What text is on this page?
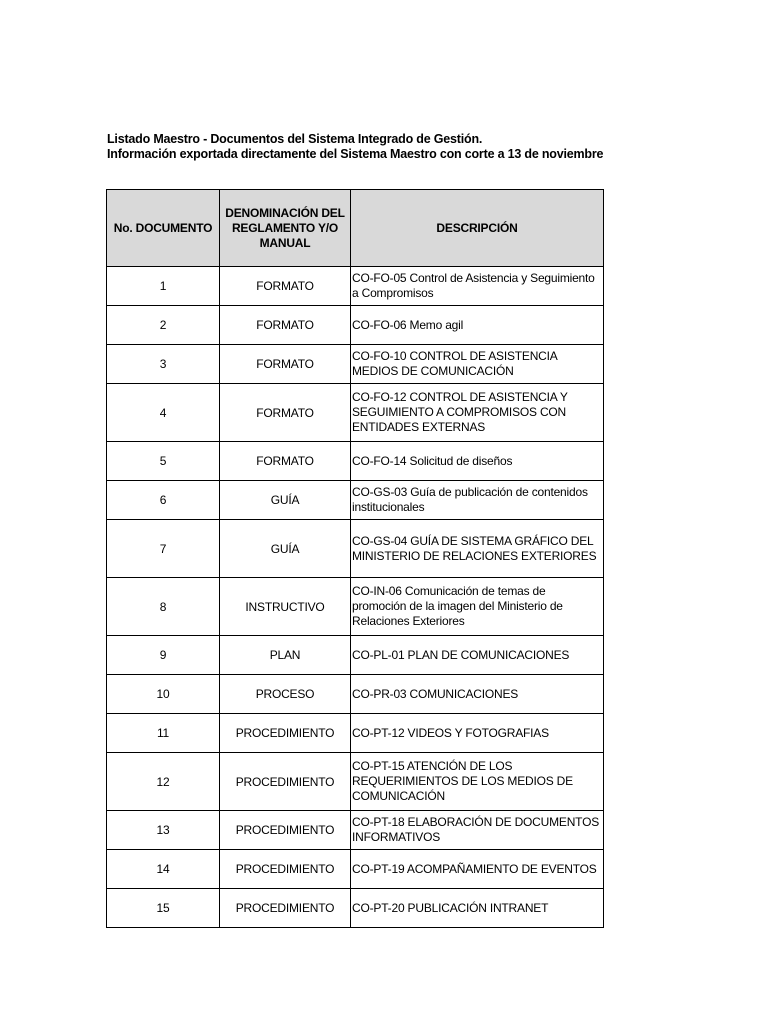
Listado Maestro - Documentos del Sistema Integrado de Gestión.
Información exportada directamente del Sistema Maestro con corte a 13 de noviembre
No. DOCUMENTO	DENOMINACIÓN DEL REGLAMENTO Y/O MANUAL	DESCRIPCIÓN
1	FORMATO	CO-FO-05 Control de Asistencia y Seguimiento a Compromisos
2	FORMATO	CO-FO-06 Memo agil
3	FORMATO	CO-FO-10 CONTROL DE ASISTENCIA MEDIOS DE COMUNICACIÓN
4	FORMATO	CO-FO-12 CONTROL DE ASISTENCIA Y SEGUIMIENTO A COMPROMISOS CON ENTIDADES EXTERNAS
5	FORMATO	CO-FO-14 Solicitud de diseños
6	GUÍA	CO-GS-03 Guía de publicación de contenidos institucionales
7	GUÍA	CO-GS-04 GUÍA DE SISTEMA GRÁFICO DEL MINISTERIO DE RELACIONES EXTERIORES
8	INSTRUCTIVO	CO-IN-06 Comunicación de temas de promoción de la imagen del Ministerio de Relaciones Exteriores
9	PLAN	CO-PL-01 PLAN DE COMUNICACIONES
10	PROCESO	CO-PR-03 COMUNICACIONES
11	PROCEDIMIENTO	CO-PT-12 VIDEOS Y FOTOGRAFIAS
12	PROCEDIMIENTO	CO-PT-15 ATENCIÓN DE LOS REQUERIMIENTOS DE LOS MEDIOS DE COMUNICACIÓN
13	PROCEDIMIENTO	CO-PT-18 ELABORACIÓN DE DOCUMENTOS INFORMATIVOS
14	PROCEDIMIENTO	CO-PT-19 ACOMPAÑAMIENTO DE EVENTOS
15	PROCEDIMIENTO	CO-PT-20 PUBLICACIÓN INTRANET
